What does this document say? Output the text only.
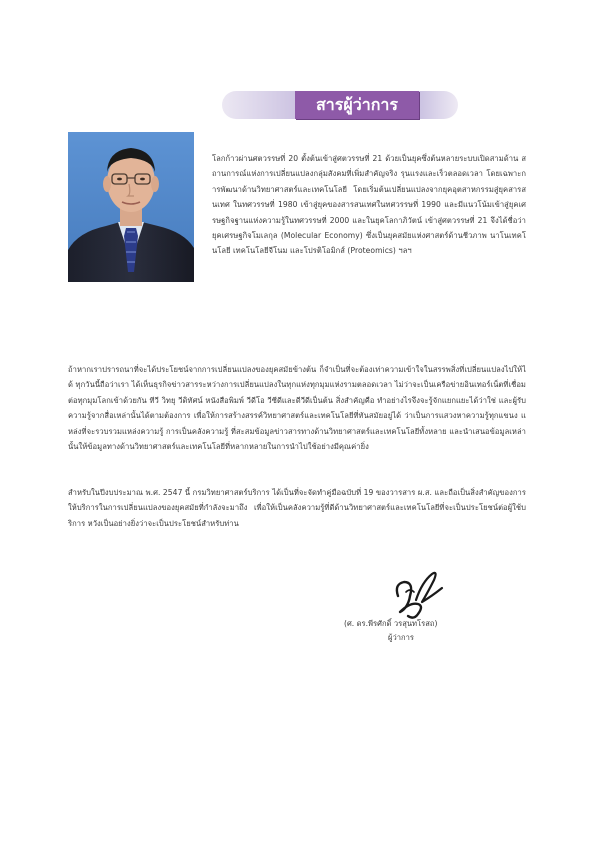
สารผู้ว่าการ

โลกก้าวผ่านศตวรรษที่ 20 ตั้งต้นเข้าสู่ศตวรรษที่ 21 ด้วยเป็นยุคซึ่งต้นหลายระบบเปิดสามด้าน สถานการณ์แห่งการเปลี่ยนแปลงกลุ่มสังคมที่เพิ่มสำคัญจริง รุนแรงและเร็วตลอดเวลา โดยเฉพาะการพัฒนาด้านวิทยาศาสตร์และเทคโนโลยี โดยเริ่มต้นเปลี่ยนแปลงจากยุคอุตสาหกรรมสู่ยุคสารสนเทศ ในทศวรรษที่ 1980 เข้าสู่ยุคของสารสนเทศในทศวรรษที่ 1990 และมีแนวโน้มเข้าสู่ยุคเศรษฐกิจฐานแห่งความรู้ในทศวรรษที่ 2000 และในยุคโลกาภิวัตน์ เข้าสู่ศตวรรษที่ 21 จึงได้ชื่อว่ายุคเศรษฐกิจโมเลกุล (Molecular Economy) ซึ่งเป็นยุคสมัยแห่งศาสตร์ด้านชีวภาพ นาโนเทคโนโลยี เทคโนโลยีจีโนม และโปรติโอมิกส์ (Proteomics) ฯลฯ

ถ้าหากเราปรารถนาที่จะได้ประโยชน์จากการเปลี่ยนแปลงของยุคสมัยข้างต้น ก็จำเป็นที่จะต้องเท่าความเข้าใจในสรรพสิ่งที่เปลี่ยนแปลงไปให้ได้ ทุกวันนี้ถือว่าเรา ได้เห็นธุรกิจข่าวสารระหว่างการเปลี่ยนแปลงในทุกแห่งทุกมุมแห่งรามตลอดเวลา ไม่ว่าจะเป็นเครือข่ายอินเทอร์เน็ตที่เชื่อมต่อทุกมุมโลกเข้าด้วยกัน ทีวี วิทยุ วีดิทัศน์ หนังสือพิมพ์ วีดีโอ วีซีดีและดีวีดีเป็นต้น สิ่งสำคัญคือ ทำอย่างไรจึงจะรู้จักแยกแยะได้ว่าใช่ และผู้รับความรู้จากสื่อเหล่านั้นได้ตามต้องการ เพื่อให้การสร้างสรรค์วิทยาศาสตร์และเทคโนโลยีที่ทันสมัยอยู่ได้ ว่าเป็นการแสวงหาความรู้ทุกแขนง แหล่งที่จะรวบรวมแหล่งความรู้ การเป็นคลังความรู้ ที่สะสมข้อมูลข่าวสารทางด้านวิทยาศาสตร์และเทคโนโลยีทั้งหลาย และนำเสนอข้อมูลเหล่านั้นให้ข้อมูลทางด้านวิทยาศาสตร์และเทคโนโลยีที่หลากหลายในการนำไปใช้อย่างมีคุณค่ายิ่ง

สำหรับในปีงบประมาณ พ.ศ. 2547 นี้ กรมวิทยาศาสตร์บริการ ได้เป็นที่จะจัดทำคู่มือฉบับที่ 19 ของวารสาร ผ.ส. และถือเป็นสิ่งสำคัญของการให้บริการในการเปลี่ยนแปลงของยุคสมัยที่กำลังจะมาถึง เพื่อให้เป็นคลังความรู้ที่ดีด้านวิทยาศาสตร์และเทคโนโลยีที่จะเป็นประโยชน์ต่อผู้ใช้บริการ หวังเป็นอย่างยิ่งว่าจะเป็นประโยชน์สำหรับท่าน

(ศ. ดร.พีรศักดิ์ วรสุนทโรสถ)
ผู้ว่าการ
